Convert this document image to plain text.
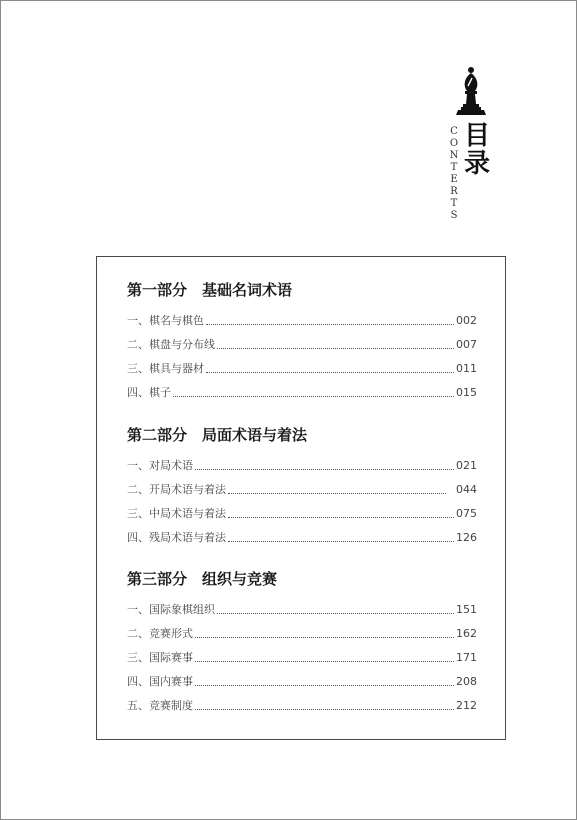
目
录
C
O
N
T
E
R
T
S
第一部分　基础名词术语
一、棋名与棋色	002
二、棋盘与分布线	007
三、棋具与器材	011
四、棋子	015
第二部分　局面术语与着法
一、对局术语	021
二、开局术语与着法	044
三、中局术语与着法	075
四、残局术语与着法	126
第三部分　组织与竞赛
一、国际象棋组织	151
二、竞赛形式	162
三、国际赛事	171
四、国内赛事	208
五、竞赛制度	212
